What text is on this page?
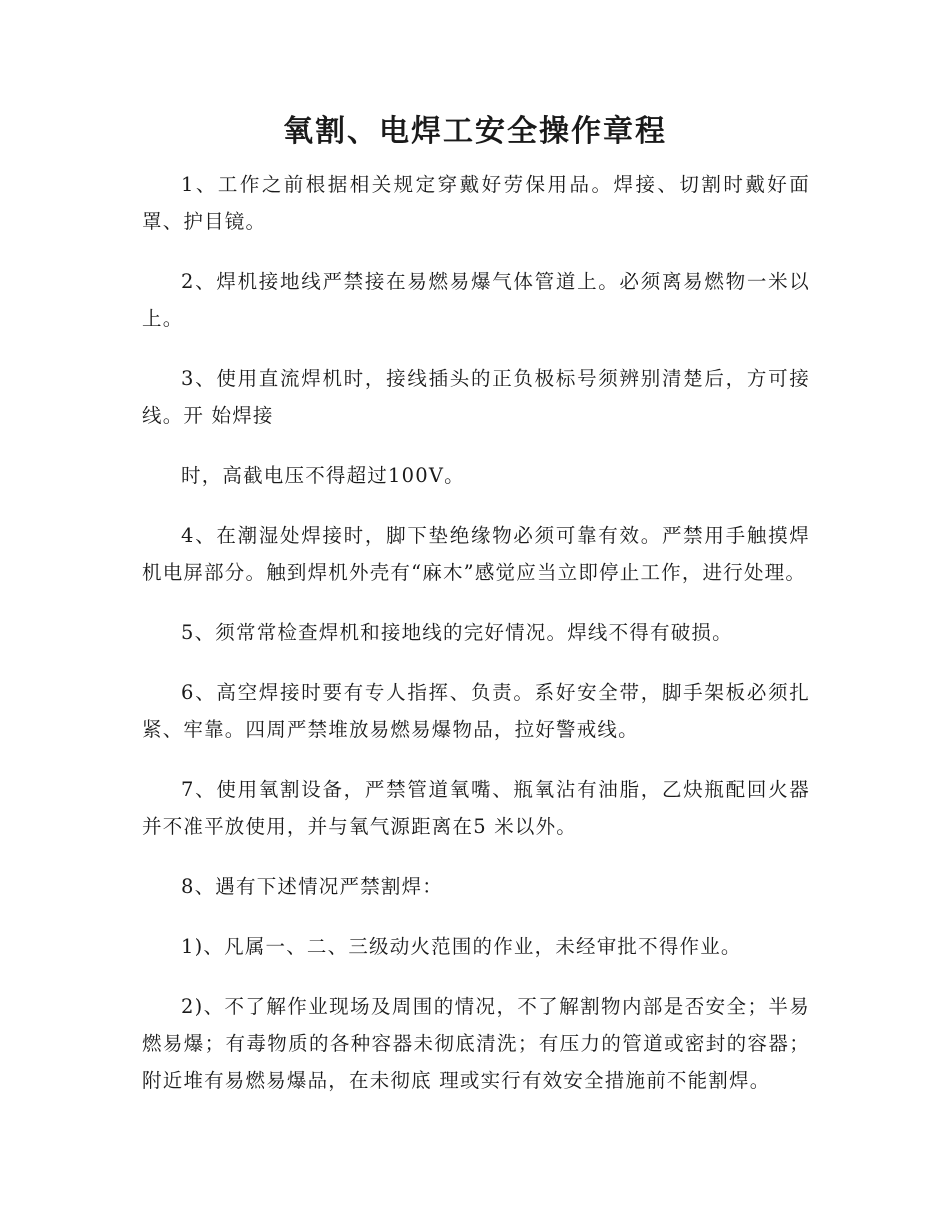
氧割、电焊工安全操作章程

1、工作之前根据相关规定穿戴好劳保用品。焊接、切割时戴好面罩、护目镜。

2、焊机接地线严禁接在易燃易爆气体管道上。必须离易燃物一米以上。

3、使用直流焊机时，接线插头的正负极标号须辨别清楚后，方可接线。开 始焊接

时，高截电压不得超过100V。

4、在潮湿处焊接时，脚下垫绝缘物必须可靠有效。严禁用手触摸焊机电屏部分。触到焊机外壳有“麻木”感觉应当立即停止工作，进行处理。

5、须常常检查焊机和接地线的完好情况。焊线不得有破损。

6、高空焊接时要有专人指挥、负责。系好安全带，脚手架板必须扎紧、牢靠。四周严禁堆放易燃易爆物品，拉好警戒线。

7、使用氧割设备，严禁管道氧嘴、瓶氧沾有油脂，乙炔瓶配回火器并不准平放使用，并与氧气源距离在5 米以外。

8、遇有下述情况严禁割焊：

1)、凡属一、二、三级动火范围的作业，未经审批不得作业。

2)、不了解作业现场及周围的情况，不了解割物内部是否安全；半易燃易爆；有毒物质的各种容器未彻底清洗；有压力的管道或密封的容器；附近堆有易燃易爆品，在未彻底 理或实行有效安全措施前不能割焊。
